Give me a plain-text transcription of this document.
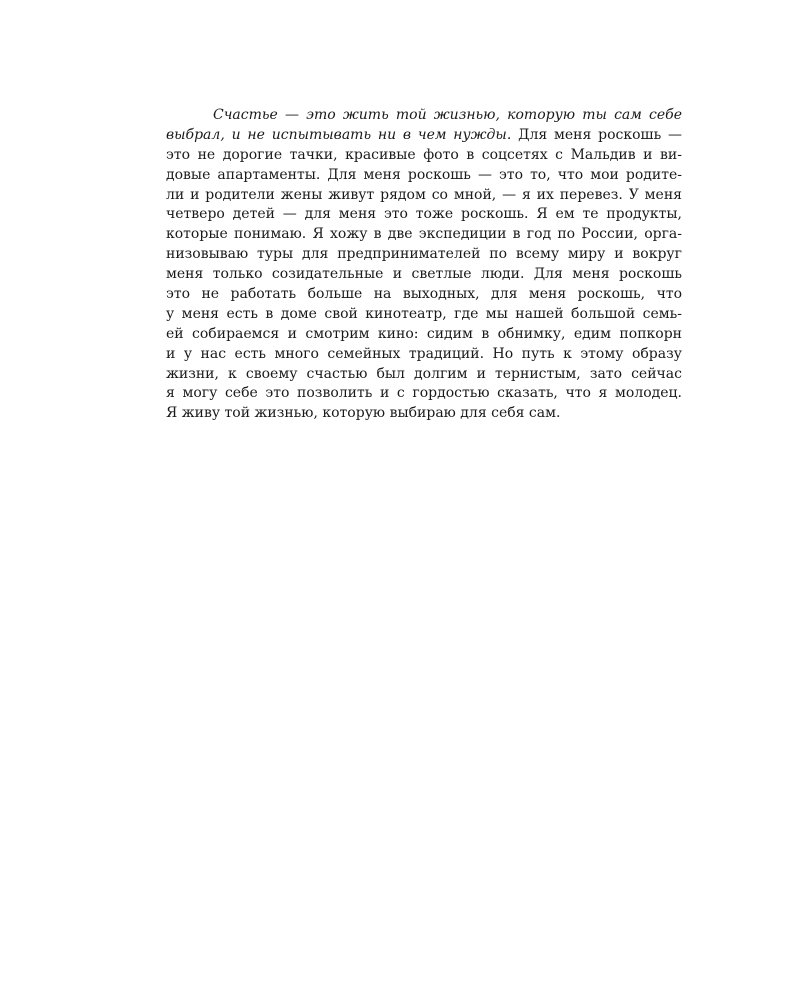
Счастье — это жить той жизнью, которую ты сам себе
выбрал, и не испытывать ни в чем нужды. Для меня роскошь —
это не дорогие тачки, красивые фото в соцсетях с Мальдив и ви-
довые апартаменты. Для меня роскошь — это то, что мои родите-
ли и родители жены живут рядом со мной, — я их перевез. У меня
четверо детей — для меня это тоже роскошь. Я ем те продукты,
которые понимаю. Я хожу в две экспедиции в год по России, орга-
низовываю туры для предпринимателей по всему миру и вокруг
меня только созидательные и светлые люди. Для меня роскошь
это не работать больше на выходных, для меня роскошь, что
у меня есть в доме свой кинотеатр, где мы нашей большой семь-
ей собираемся и смотрим кино: сидим в обнимку, едим попкорн
и у нас есть много семейных традиций. Но путь к этому образу
жизни, к своему счастью был долгим и тернистым, зато сейчас
я могу себе это позволить и с гордостью сказать, что я молодец.
Я живу той жизнью, которую выбираю для себя сам.
